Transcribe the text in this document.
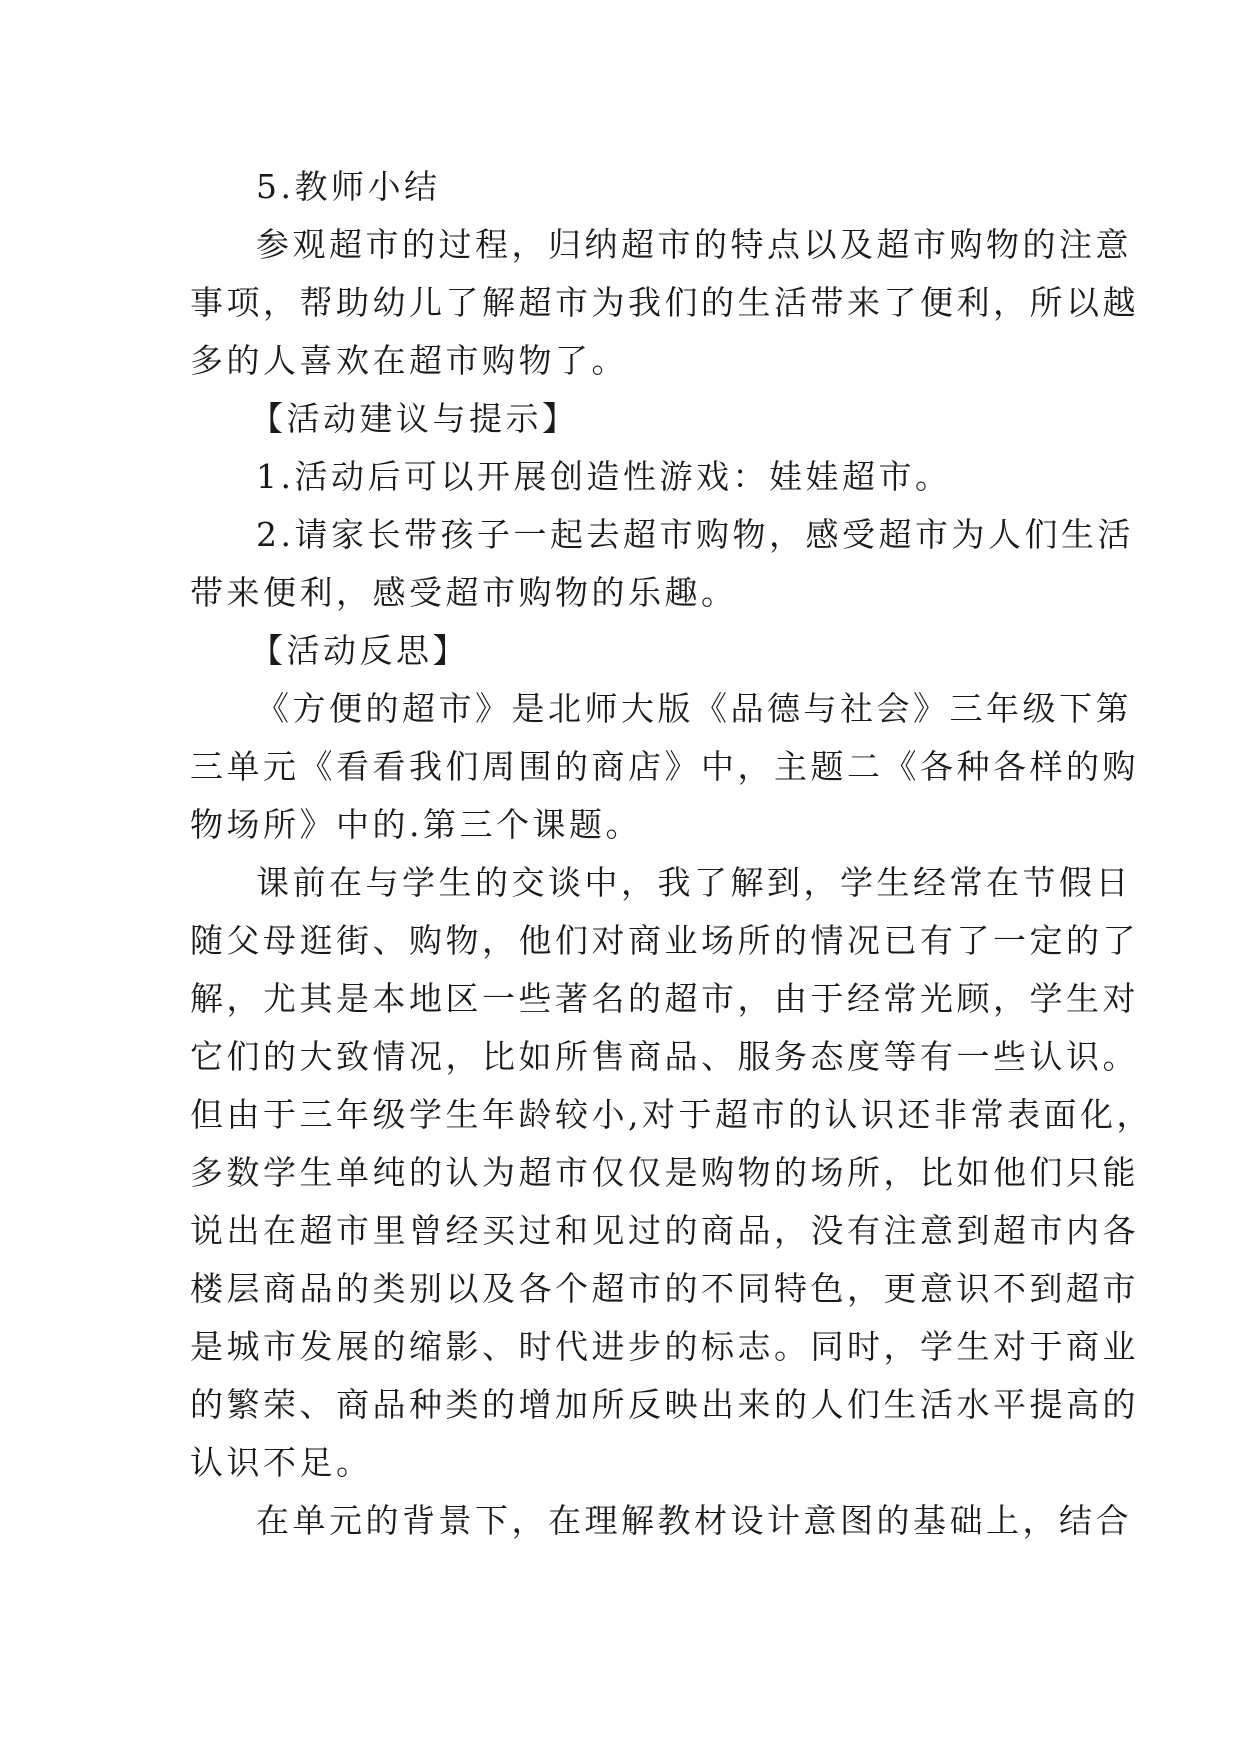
5.教师小结
参观超市的过程，归纳超市的特点以及超市购物的注意
事项，帮助幼儿了解超市为我们的生活带来了便利，所以越
多的人喜欢在超市购物了。
【活动建议与提示】
1.活动后可以开展创造性游戏：娃娃超市。
2.请家长带孩子一起去超市购物，感受超市为人们生活
带来便利，感受超市购物的乐趣。
【活动反思】
《方便的超市》是北师大版《品德与社会》三年级下第
三单元《看看我们周围的商店》中，主题二《各种各样的购
物场所》中的.第三个课题。
课前在与学生的交谈中，我了解到，学生经常在节假日
随父母逛街、购物，他们对商业场所的情况已有了一定的了
解，尤其是本地区一些著名的超市，由于经常光顾，学生对
它们的大致情况，比如所售商品、服务态度等有一些认识。
但由于三年级学生年龄较小,对于超市的认识还非常表面化，
多数学生单纯的认为超市仅仅是购物的场所，比如他们只能
说出在超市里曾经买过和见过的商品，没有注意到超市内各
楼层商品的类别以及各个超市的不同特色，更意识不到超市
是城市发展的缩影、时代进步的标志。同时，学生对于商业
的繁荣、商品种类的增加所反映出来的人们生活水平提高的
认识不足。
在单元的背景下，在理解教材设计意图的基础上，结合
